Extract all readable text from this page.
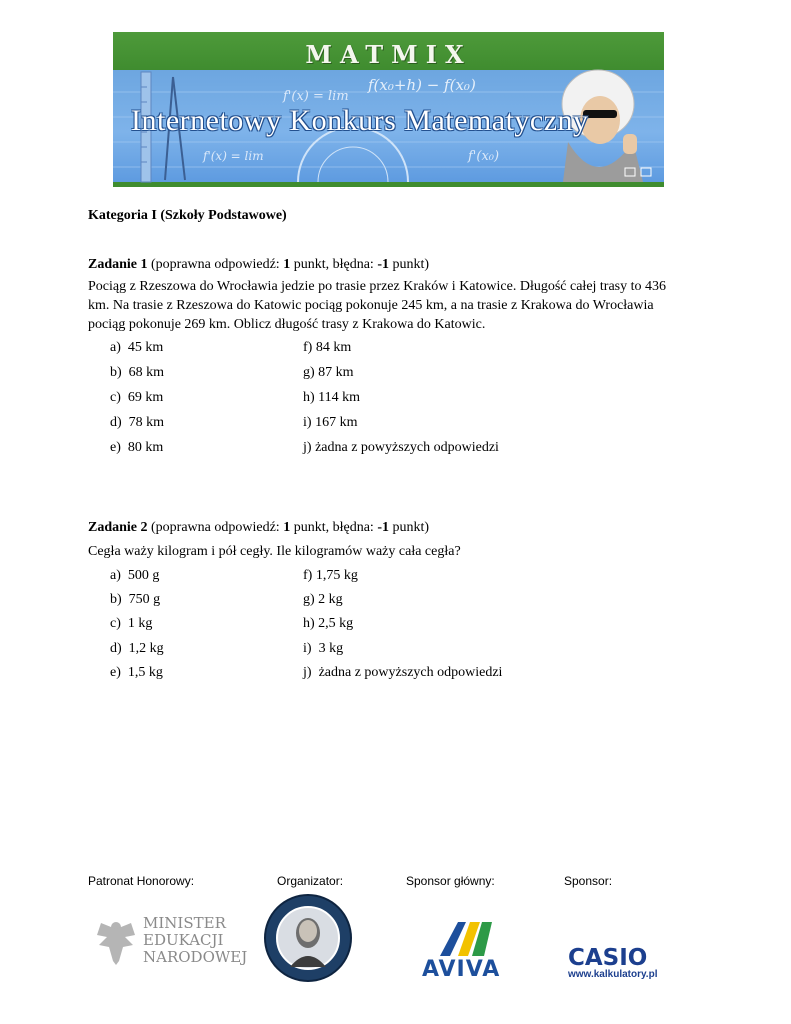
f'(x) = lim
f(x₀+h) − f(x₀)
f'(x₀)
f'(x) = lim
MATMIX
Internetowy Konkurs Matematyczny
Kategoria I (Szkoły Podstawowe)
Zadanie 1 (poprawna odpowiedź: 1 punkt, błędna: -1 punkt)
Pociąg z Rzeszowa do Wrocławia jedzie po trasie przez Kraków i Katowice. Długość całej trasy to 436
km. Na trasie z Rzeszowa do Katowic pociąg pokonuje 245 km, a na trasie z Krakowa do Wrocławia
pociąg pokonuje 269 km. Oblicz długość trasy z Krakowa do Katowic.
a) 45 km
b) 68 km
c) 69 km
d) 78 km
e) 80 km
f) 84 km
g) 87 km
h) 114 km
i) 167 km
j) żadna z powyższych odpowiedzi
Zadanie 2 (poprawna odpowiedź: 1 punkt, błędna: -1 punkt)
Cegła waży kilogram i pół cegły. Ile kilogramów waży cała cegła?
a) 500 g
b) 750 g
c) 1 kg
d) 1,2 kg
e) 1,5 kg
f) 1,75 kg
g) 2 kg
h) 2,5 kg
i) 3 kg
j) żadna z powyższych odpowiedzi
Patronat Honorowy:	Organizator:	Sponsor główny:	Sponsor:
MINISTER
EDUKACJI
NARODOWEJ	AVIVA	CASIO
www.kalkulatory.pl
